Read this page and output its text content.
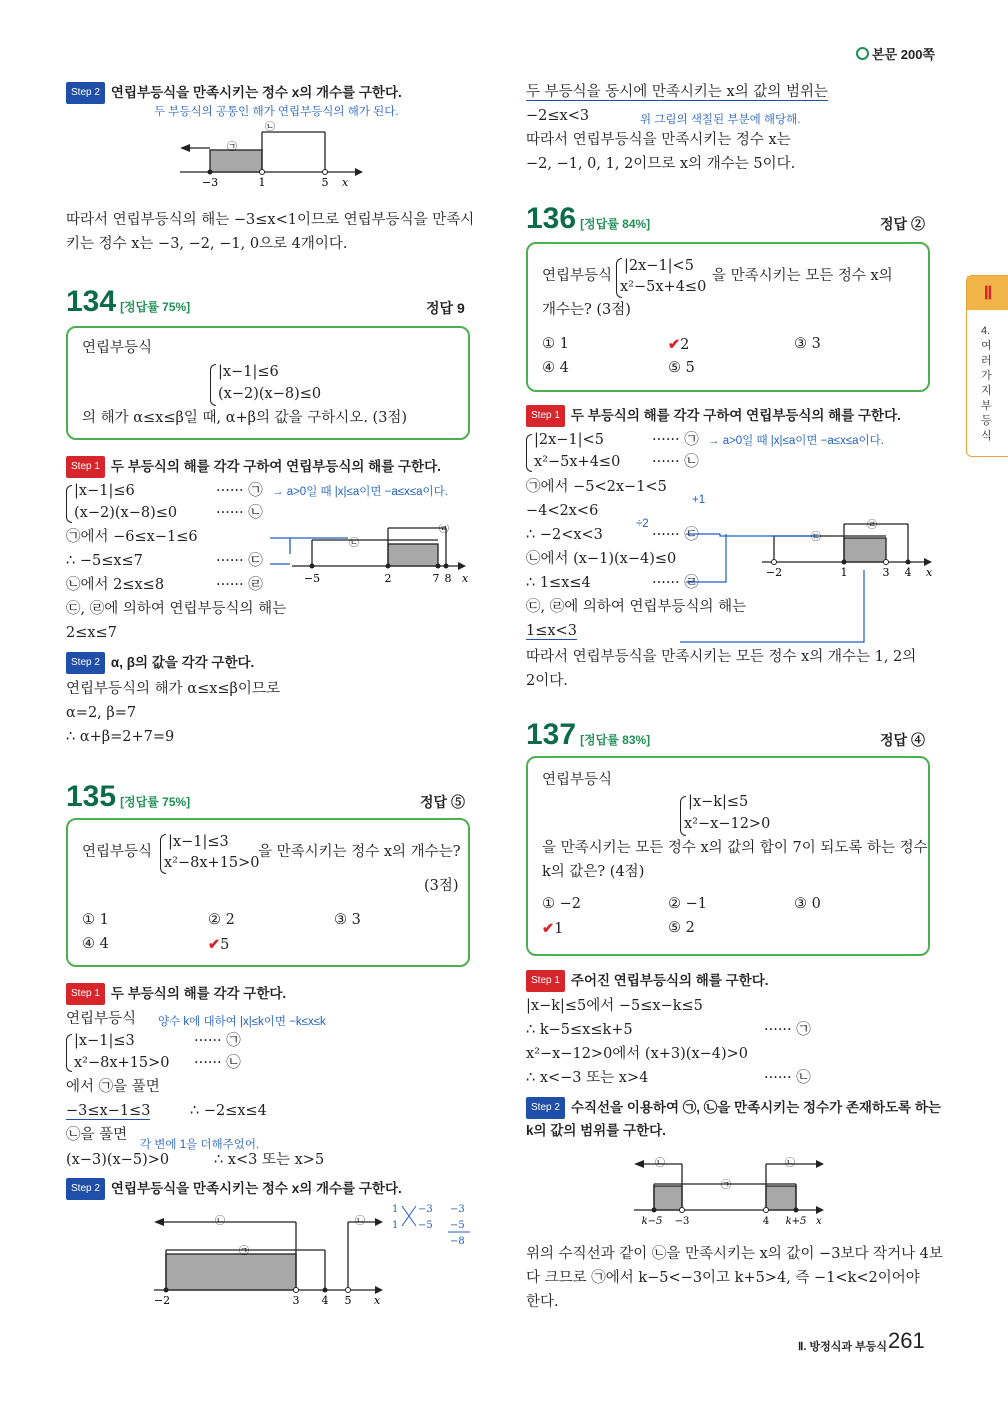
본문 200쪽
Ⅱ
4.여러가지부등식
Step 2 연립부등식을 만족시키는 정수 x의 개수를 구한다.
두 부등식의 공통인 해가 연립부등식의 해가 된다.
−3	1	5 x
㉠
㉡
따라서 연립부등식의 해는 −3≤x<1이므로 연립부등식을 만족시
키는 정수 x는 −3, −2, −1, 0으로 4개이다.
134 [정답률 75%]	정답 9
연립부등식
|x−1|≤6
(x−2)(x−8)≤0
의 해가 α≤x≤β일 때, α+β의 값을 구하시오. (3점)
Step 1 두 부등식의 해를 각각 구하여 연립부등식의 해를 구한다.
|x−1|≤6	······ ㉠ → a>0일 때 |x|≤a이면 −a≤x≤a이다.
(x−2)(x−8)≤0	······ ㉡
㉠에서 −6≤x−1≤6
∴ −5≤x≤7	······ ㉢
㉡에서 2≤x≤8	······ ㉣
㉢, ㉣에 의하여 연립부등식의 해는
2≤x≤7
㉢
㉣
−5	2	7 8 x
Step 2 α, β의 값을 각각 구한다.
연립부등식의 해가 α≤x≤β이므로
α=2, β=7
∴ α+β=2+7=9
135 [정답률 75%]	정답 ⑤
연립부등식
|x−1|≤3
x²−8x+15>0
을 만족시키는 정수 x의 개수는?
(3점)
① 1	② 2	③ 3
④ 4	✔5
Step 1 두 부등식의 해를 각각 구한다.
연립부등식 양수 k에 대하여 |x|≤k이면 −k≤x≤k
|x−1|≤3	······ ㉠
x²−8x+15>0 ······ ㉡
에서 ㉠을 풀면
−3≤x−1≤3	∴ −2≤x≤4
㉡을 풀면
각 변에 1을 더해주었어.
(x−3)(x−5)>0	∴ x<3 또는 x>5
Step 2 연립부등식을 만족시키는 정수 x의 개수를 구한다.
1
1
−3
−5
−3
−5
−8
㉠
㉡	㉡
−2	3 4 5 x
두 부등식을 동시에 만족시키는 x의 값의 범위는
−2≤x<3	위 그림의 색칠된 부분에 해당해.
따라서 연립부등식을 만족시키는 정수 x는
−2, −1, 0, 1, 2이므로 x의 개수는 5이다.
136 [정답률 84%]	정답 ②
연립부등식
|2x−1|<5
x²−5x+4≤0
을 만족시키는 모든 정수 x의
개수는? (3점)
① 1	✔2	③ 3
④ 4	⑤ 5
Step 1 두 부등식의 해를 각각 구하여 연립부등식의 해를 구한다.
|2x−1|<5	······ ㉠ → a>0일 때 |x|≤a이면 −a≤x≤a이다.
x²−5x+4≤0 ······ ㉡
㉠에서 −5<2x−1<5
+1
−4<2x<6
÷2
∴ −2<x<3	······ ㉢
㉡에서 (x−1)(x−4)≤0
∴ 1≤x≤4	······ ㉣
㉢, ㉣에 의하여 연립부등식의 해는
1≤x<3
따라서 연립부등식을 만족시키는 모든 정수 x의 개수는 1, 2의
2이다.
㉢
㉣
−2	1	3 4 x
137 [정답률 83%]	정답 ④
연립부등식
|x−k|≤5
x²−x−12>0
을 만족시키는 모든 정수 x의 값의 합이 7이 되도록 하는 정수
k의 값은? (4점)
① −2	② −1	③ 0
✔1	⑤ 2
Step 1 주어진 연립부등식의 해를 구한다.
|x−k|≤5에서 −5≤x−k≤5
∴ k−5≤x≤k+5	······ ㉠
x²−x−12>0에서 (x+3)(x−4)>0
∴ x<−3 또는 x>4	······ ㉡
Step 2 수직선을 이용하여 ㉠, ㉡을 만족시키는 정수가 존재하도록 하는
k의 값의 범위를 구한다.
㉠
㉡	㉡
k−5 −3	4 k+5 x
위의 수직선과 같이 ㉡을 만족시키는 x의 값이 −3보다 작거나 4보
다 크므로 ㉠에서 k−5<−3이고 k+5>4, 즉 −1<k<2이어야
한다.
Ⅱ. 방정식과 부등식 261
